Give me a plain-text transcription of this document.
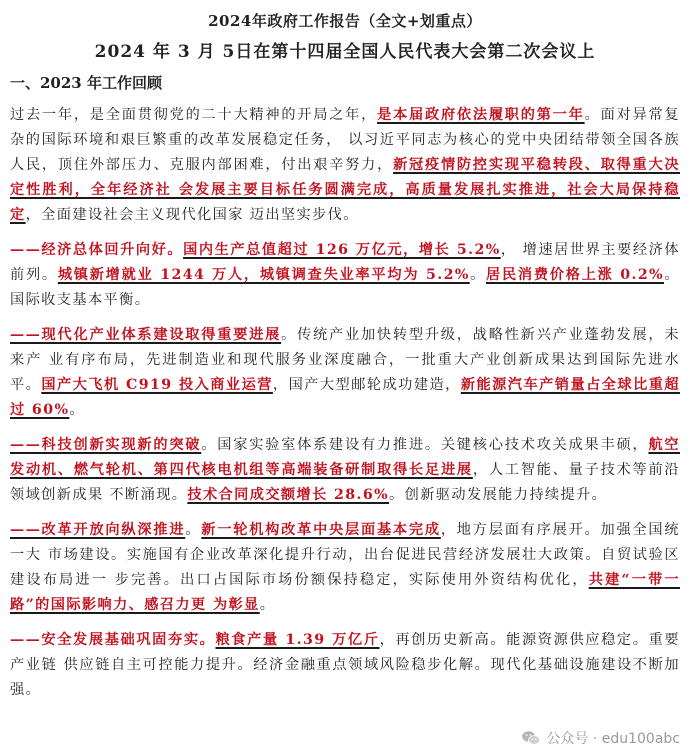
2024年政府工作报告（全文+划重点）
2024 年 3 月 5日在第十四届全国人民代表大会第二次会议上
一、2023 年工作回顾

过去一年，是全面贯彻党的二十大精神的开局之年，是本届政府依法履职的第一年。面对异常复杂的国际环境和艰巨繁重的改革发展稳定任务， 以习近平同志为核心的党中央团结带领全国各族人民，顶住外部压力、克服内部困难，付出艰辛努力，新冠疫情防控实现平稳转段、取得重大决定性胜利，全年经济社 会发展主要目标任务圆满完成，高质量发展扎实推进，社会大局保持稳定，全面建设社会主义现代化国家 迈出坚实步伐。

——经济总体回升向好。国内生产总值超过 126 万亿元，增长 5.2%， 增速居世界主要经济体前列。城镇新增就业 1244 万人，城镇调查失业率平均为 5.2%。居民消费价格上涨 0.2%。国际收支基本平衡。

——现代化产业体系建设取得重要进展。传统产业加快转型升级，战略性新兴产业蓬勃发展，未来产 业有序布局，先进制造业和现代服务业深度融合，一批重大产业创新成果达到国际先进水平。国产大飞机 C919 投入商业运营，国产大型邮轮成功建造，新能源汽车产销量占全球比重超过 60%。

——科技创新实现新的突破。国家实验室体系建设有力推进。关键核心技术攻关成果丰硕，航空发动机、燃气轮机、第四代核电机组等高端装备研制取得长足进展，人工智能、量子技术等前沿领域创新成果 不断涌现。技术合同成交额增长 28.6%。创新驱动发展能力持续提升。

——改革开放向纵深推进。新一轮机构改革中央层面基本完成，地方层面有序展开。加强全国统一大 市场建设。实施国有企业改革深化提升行动，出台促进民营经济发展壮大政策。自贸试验区建设布局进一 步完善。出口占国际市场份额保持稳定，实际使用外资结构优化，共建“一带一路”的国际影响力、感召力更 为彰显。

——安全发展基础巩固夯实。粮食产量 1.39 万亿斤，再创历史新高。能源资源供应稳定。重要产业链 供应链自主可控能力提升。经济金融重点领域风险稳步化解。现代化基础设施建设不断加强。

公众号 · edu100abc
